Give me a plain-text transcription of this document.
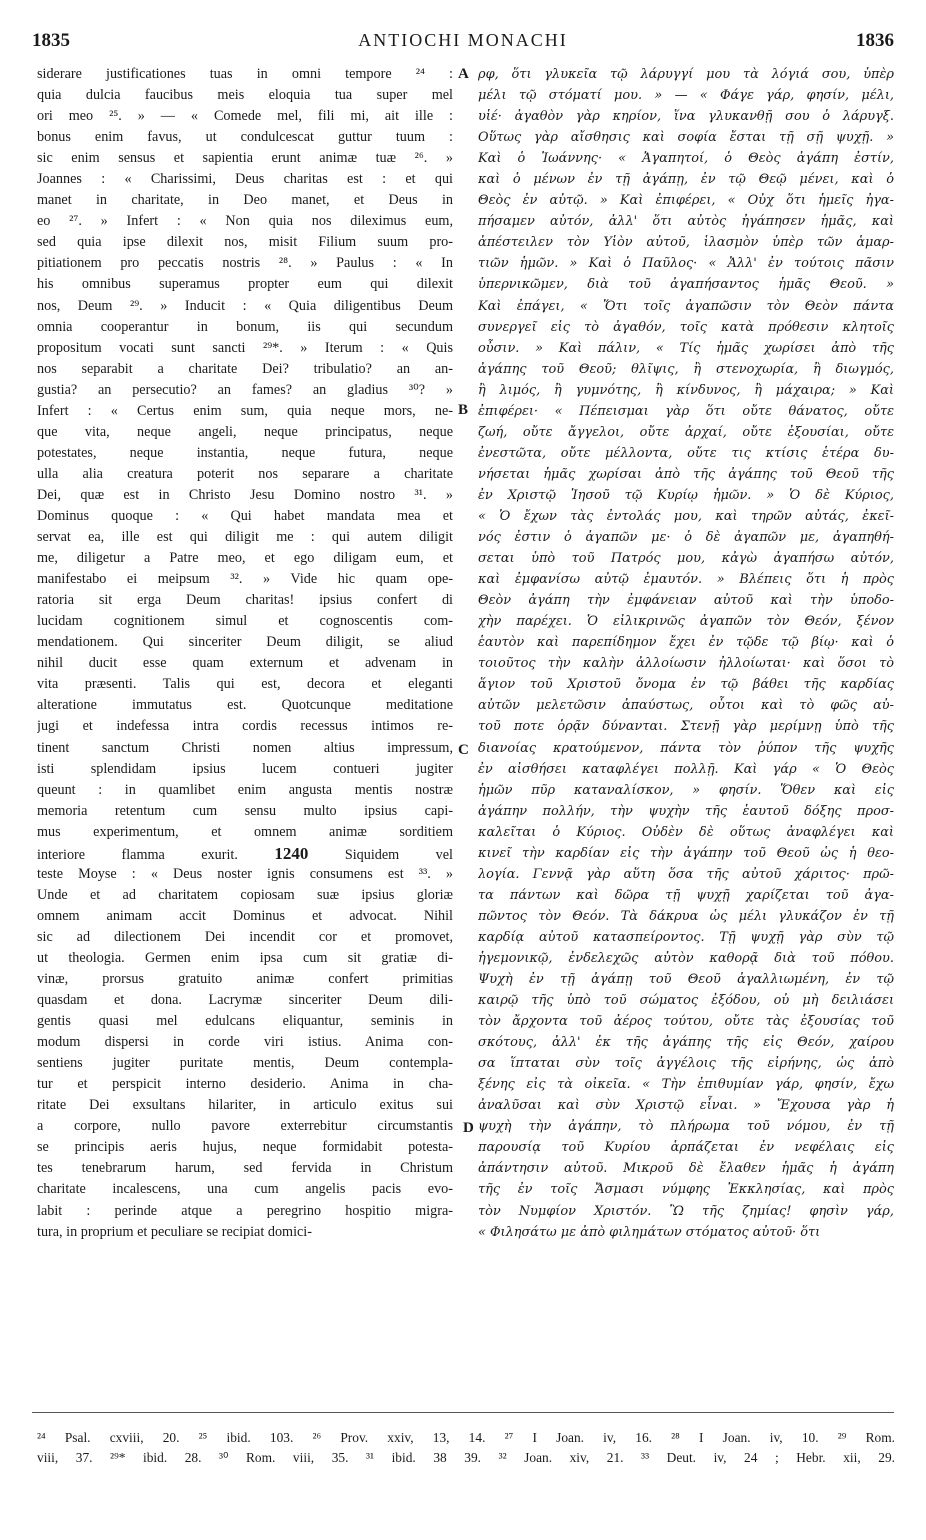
1835	ANTIOCHI MONACHI	1836
siderare justificationes tuas in omni tempore ²⁴ :
quia dulcia faucibus meis eloquia tua super mel
ori meo ²⁵. » — « Comede mel, fili mi, ait ille :
bonus enim favus, ut condulcescat guttur tuum :
sic enim sensus et sapientia erunt animæ tuæ ²⁶. »
Joannes : « Charissimi, Deus charitas est : et qui
manet in charitate, in Deo manet, et Deus in
eo ²⁷. » Infert : « Non quia nos dileximus eum,
sed quia ipse dilexit nos, misit Filium suum pro-
pitiationem pro peccatis nostris ²⁸. » Paulus : « In
his omnibus superamus propter eum qui dilexit
nos, Deum ²⁹. » Inducit : « Quia diligentibus Deum
omnia cooperantur in bonum, iis qui secundum
propositum vocati sunt sancti ²⁹*. » Iterum : « Quis
nos separabit a charitate Dei? tribulatio? an an-
gustia? an persecutio? an fames? an gladius ³⁰? »
Infert : « Certus enim sum, quia neque mors, ne-
que vita, neque angeli, neque principatus, neque
potestates, neque instantia, neque futura, neque
ulla alia creatura poterit nos separare a charitate
Dei, quæ est in Christo Jesu Domino nostro ³¹. »
Dominus quoque : « Qui habet mandata mea et
servat ea, ille est qui diligit me : qui autem diligit
me, diligetur a Patre meo, et ego diligam eum, et
manifestabo ei meipsum ³². » Vide hic quam ope-
ratoria sit erga Deum charitas! ipsius confert di
lucidam cognitionem simul et cognoscentis com-
mendationem. Qui sinceriter Deum diligit, se aliud
nihil ducit esse quam externum et advenam in
vita præsenti. Talis qui est, decora et eleganti
alteratione immutatus est. Quotcunque meditatione
jugi et indefessa intra cordis recessus intimos re-
tinent sanctum Christi nomen altius impressum,
isti splendidam ipsius lucem contueri jugiter
queunt : in quamlibet enim angusta mentis nostræ
memoria retentum cum sensu multo ipsius capi-
mus experimentum, et omnem animæ sorditiem
interiore flamma exurit. 1240 Siquidem vel
teste Moyse : « Deus noster ignis consumens est ³³. »
Unde et ad charitatem copiosam suæ ipsius gloriæ
omnem animam accit Dominus et advocat. Nihil
sic ad dilectionem Dei incendit cor et promovet,
ut theologia. Germen enim ipsa cum sit gratiæ di-
vinæ, prorsus gratuito animæ confert primitias
quasdam et dona. Lacrymæ sinceriter Deum dili-
gentis quasi mel edulcans eliquantur, seminis in
modum dispersi in corde viri istius. Anima con-
sentiens jugiter puritate mentis, Deum contempla-
tur et perspicit interno desiderio. Anima in cha-
ritate Dei exsultans hilariter, in articulo exitus sui
a corpore, nullo pavore exterrebitur circumstantis
se principis aeris hujus, neque formidabit potesta-
tes tenebrarum harum, sed fervida in Christum
charitate incalescens, una cum angelis pacis evo-
labit : perinde atque a peregrino hospitio migra-
tura, in proprium et peculiare se recipiat domici-
ρφ, ὅτι γλυκεῖα τῷ λάρυγγί μου τὰ λόγιά σου, ὑπὲρ
μέλι τῷ στόματί μου. » — « Φάγε γάρ, φησίν, μέλι,
υἱέ· ἀγαθὸν γὰρ κηρίον, ἵνα γλυκανθῇ σου ὁ λάρυγξ.
Οὕτως γὰρ αἴσθησις καὶ σοφία ἔσται τῇ σῇ ψυχῇ. »
Καὶ ὁ Ἰωάννης· « Ἀγαπητοί, ὁ Θεὸς ἀγάπη ἐστίν,
καὶ ὁ μένων ἐν τῇ ἀγάπῃ, ἐν τῷ Θεῷ μένει, καὶ ὁ
Θεὸς ἐν αὐτῷ. » Καὶ ἐπιφέρει, « Οὐχ ὅτι ἡμεῖς ἠγα-
πήσαμεν αὐτόν, ἀλλ' ὅτι αὐτὸς ἠγάπησεν ἡμᾶς, καὶ
ἀπέστειλεν τὸν Υἱὸν αὐτοῦ, ἱλασμὸν ὑπὲρ τῶν ἁμαρ-
τιῶν ἡμῶν. » Καὶ ὁ Παῦλος· « Ἀλλ' ἐν τούτοις πᾶσιν
ὑπερνικῶμεν, διὰ τοῦ ἀγαπήσαντος ἡμᾶς Θεοῦ. »
Καὶ ἐπάγει, « Ὅτι τοῖς ἀγαπῶσιν τὸν Θεὸν πάντα
συνεργεῖ εἰς τὸ ἀγαθόν, τοῖς κατὰ πρόθεσιν κλητοῖς
οὖσιν. » Καὶ πάλιν, « Τίς ἡμᾶς χωρίσει ἀπὸ τῆς
ἀγάπης τοῦ Θεοῦ; θλῖψις, ἢ στενοχωρία, ἢ διωγμός,
ἢ λιμός, ἢ γυμνότης, ἢ κίνδυνος, ἢ μάχαιρα; » Καὶ
ἐπιφέρει· « Πέπεισμαι γὰρ ὅτι οὔτε θάνατος, οὔτε
ζωή, οὔτε ἄγγελοι, οὔτε ἀρχαί, οὔτε ἐξουσίαι, οὔτε
ἐνεστῶτα, οὔτε μέλλοντα, οὔτε τις κτίσις ἑτέρα δυ-
νήσεται ἡμᾶς χωρίσαι ἀπὸ τῆς ἀγάπης τοῦ Θεοῦ τῆς
ἐν Χριστῷ Ἰησοῦ τῷ Κυρίῳ ἡμῶν. » Ὁ δὲ Κύριος,
« Ὁ ἔχων τὰς ἐντολάς μου, καὶ τηρῶν αὐτάς, ἐκεῖ-
νός ἐστιν ὁ ἀγαπῶν με· ὁ δὲ ἀγαπῶν με, ἀγαπηθή-
σεται ὑπὸ τοῦ Πατρός μου, κἀγὼ ἀγαπήσω αὐτόν,
καὶ ἐμφανίσω αὐτῷ ἐμαυτόν. » Βλέπεις ὅτι ἡ πρὸς
Θεὸν ἀγάπη τὴν ἐμφάνειαν αὐτοῦ καὶ τὴν ὑποδο-
χὴν παρέχει. Ὁ εἰλικρινῶς ἀγαπῶν τὸν Θεόν, ξένον
ἑαυτὸν καὶ παρεπίδημον ἔχει ἐν τῷδε τῷ βίῳ· καὶ ὁ
τοιοῦτος τὴν καλὴν ἀλλοίωσιν ἠλλοίωται· καὶ ὅσοι τὸ
ἅγιον τοῦ Χριστοῦ ὄνομα ἐν τῷ βάθει τῆς καρδίας
αὐτῶν μελετῶσιν ἀπαύστως, οὗτοι καὶ τὸ φῶς αὐ-
τοῦ ποτε ὁρᾷν δύνανται. Στενῇ γὰρ μερίμνῃ ὑπὸ τῆς
διανοίας κρατούμενον, πάντα τὸν ῥύπον τῆς ψυχῆς
ἐν αἰσθήσει καταφλέγει πολλῇ. Καὶ γάρ « Ὁ Θεὸς
ἡμῶν πῦρ καταναλίσκον, » φησίν. Ὅθεν καὶ εἰς
ἀγάπην πολλήν, τὴν ψυχὴν τῆς ἑαυτοῦ δόξης προσ-
καλεῖται ὁ Κύριος. Οὐδὲν δὲ οὕτως ἀναφλέγει καὶ
κινεῖ τὴν καρδίαν εἰς τὴν ἀγάπην τοῦ Θεοῦ ὡς ἡ θεο-
λογία. Γεννᾷ γὰρ αὕτη ὅσα τῆς αὐτοῦ χάριτος· πρῶ-
τα πάντων καὶ δῶρα τῇ ψυχῇ χαρίζεται τοῦ ἀγα-
πῶντος τὸν Θεόν. Τὰ δάκρυα ὡς μέλι γλυκάζον ἐν τῇ
καρδίᾳ αὐτοῦ κατασπείροντος. Τῇ ψυχῇ γὰρ σὺν τῷ
ἡγεμονικῷ, ἐνδελεχῶς αὐτὸν καθορᾷ διὰ τοῦ πόθου.
Ψυχὴ ἐν τῇ ἀγάπῃ τοῦ Θεοῦ ἀγαλλιωμένη, ἐν τῷ
καιρῷ τῆς ὑπὸ τοῦ σώματος ἐξόδου, οὐ μὴ δειλιάσει
τὸν ἄρχοντα τοῦ ἀέρος τούτου, οὔτε τὰς ἐξουσίας τοῦ
σκότους, ἀλλ' ἐκ τῆς ἀγάπης τῆς εἰς Θεόν, χαίρου
σα ἵπταται σὺν τοῖς ἀγγέλοις τῆς εἰρήνης, ὡς ἀπὸ
ξένης εἰς τὰ οἰκεῖα. « Τὴν ἐπιθυμίαν γάρ, φησίν, ἔχω
ἀναλῦσαι καὶ σὺν Χριστῷ εἶναι. » Ἔχουσα γὰρ ἡ
ψυχὴ τὴν ἀγάπην, τὸ πλήρωμα τοῦ νόμου, ἐν τῇ
παρουσίᾳ τοῦ Κυρίου ἁρπάζεται ἐν νεφέλαις εἰς
ἀπάντησιν αὐτοῦ. Μικροῦ δὲ ἔλαθεν ἡμᾶς ἡ ἀγάπη
τῆς ἐν τοῖς Ἄσμασι νύμφης Ἐκκλησίας, καὶ πρὸς
τὸν Νυμφίον Χριστόν. Ὢ τῆς ζημίας! φησὶν γάρ,
« Φιλησάτω με ἀπὸ φιλημάτων στόματος αὐτοῦ· ὅτι
A
B
C
D
²⁴ Psal. cxviii, 20. ²⁵ ibid. 103. ²⁶ Prov. xxiv, 13, 14. ²⁷ I Joan. iv, 16. ²⁸ I Joan. iv, 10. ²⁹ Rom.
viii, 37. ²⁹* ibid. 28. ³⁰ Rom. viii, 35. ³¹ ibid. 38 39. ³² Joan. xiv, 21. ³³ Deut. iv, 24 ; Hebr. xii, 29.
